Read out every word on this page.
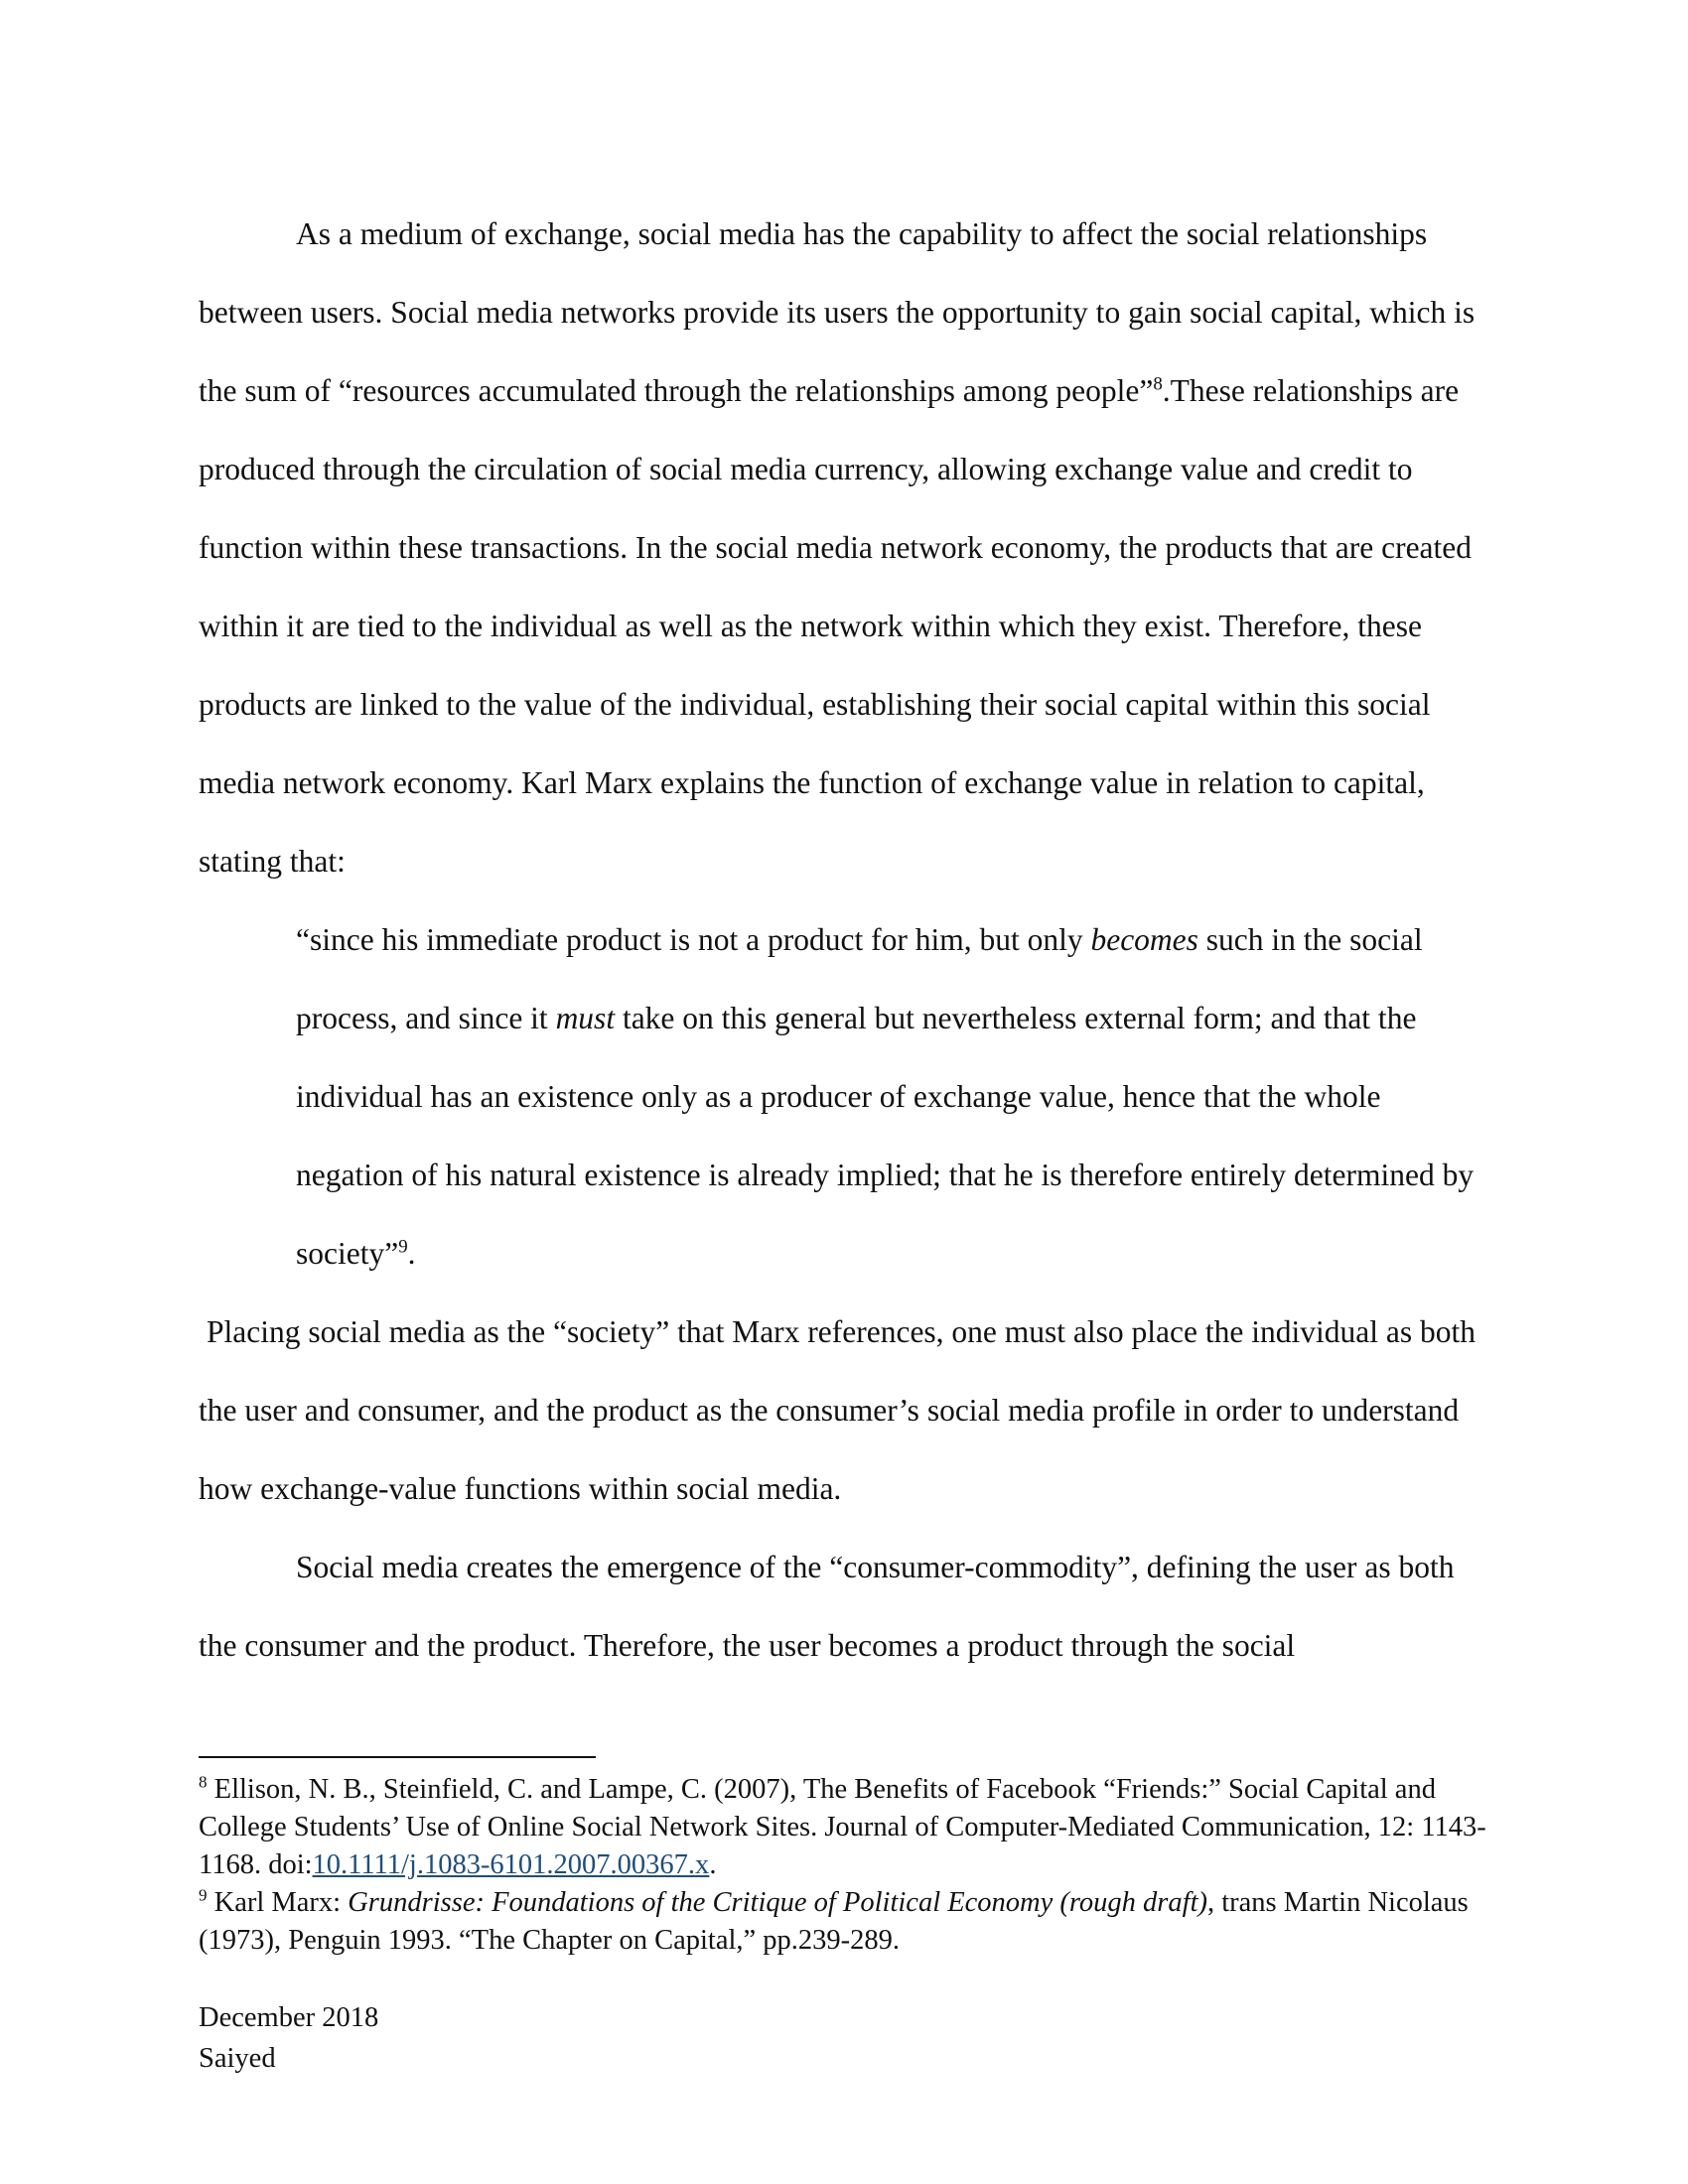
As a medium of exchange, social media has the capability to affect the social relationships between users. Social media networks provide its users the opportunity to gain social capital, which is the sum of “resources accumulated through the relationships among people”$^8$.These relationships are produced through the circulation of social media currency, allowing exchange value and credit to function within these transactions. In the social media network economy, the products that are created within it are tied to the individual as well as the network within which they exist. Therefore, these products are linked to the value of the individual, establishing their social capital within this social media network economy. Karl Marx explains the function of exchange value in relation to capital, stating that:

“since his immediate product is not a product for him, but only becomes such in the social process, and since it must take on this general but nevertheless external form; and that the individual has an existence only as a producer of exchange value, hence that the whole negation of his natural existence is already implied; that he is therefore entirely determined by society”$^9$.

Placing social media as the “society” that Marx references, one must also place the individual as both the user and consumer, and the product as the consumer’s social media profile in order to understand how exchange-value functions within social media.

Social media creates the emergence of the “consumer-commodity”, defining the user as both the consumer and the product. Therefore, the user becomes a product through the social

$^8$ Ellison, N. B., Steinfield, C. and Lampe, C. (2007), The Benefits of Facebook “Friends:” Social Capital and College Students’ Use of Online Social Network Sites. Journal of Computer-Mediated Communication, 12: 1143-1168. doi:10.1111/j.1083-6101.2007.00367.x.

$^9$ Karl Marx: Grundrisse: Foundations of the Critique of Political Economy (rough draft), trans Martin Nicolaus (1973), Penguin 1993. “The Chapter on Capital,” pp.239-289.

December 2018
Saiyed
